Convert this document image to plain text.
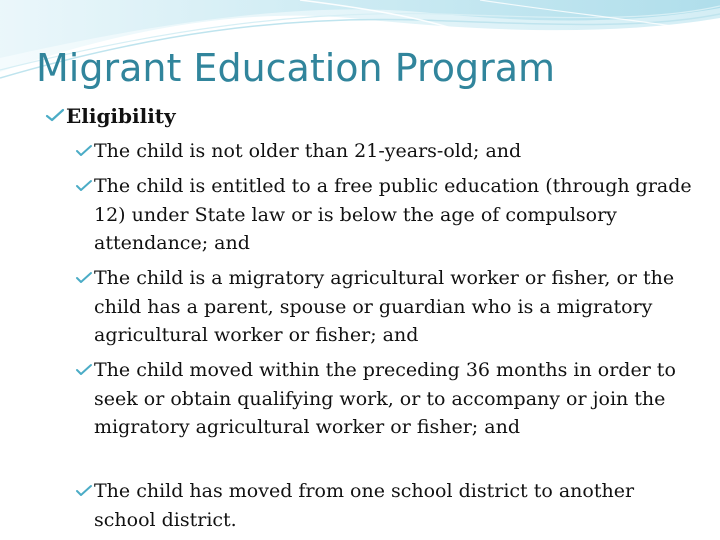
Migrant Education Program
Eligibility
The child is not older than 21-years-old; and
The child is entitled to a free public education (through grade 12) under State law or is below the age of compulsory attendance; and
The child is a migratory agricultural worker or fisher, or the child has a parent, spouse or guardian who is a migratory agricultural worker or fisher; and
The child moved within the preceding 36 months in order to seek or obtain qualifying work, or to accompany or join the migratory agricultural worker or fisher; and
The child has moved from one school district to another school district.
